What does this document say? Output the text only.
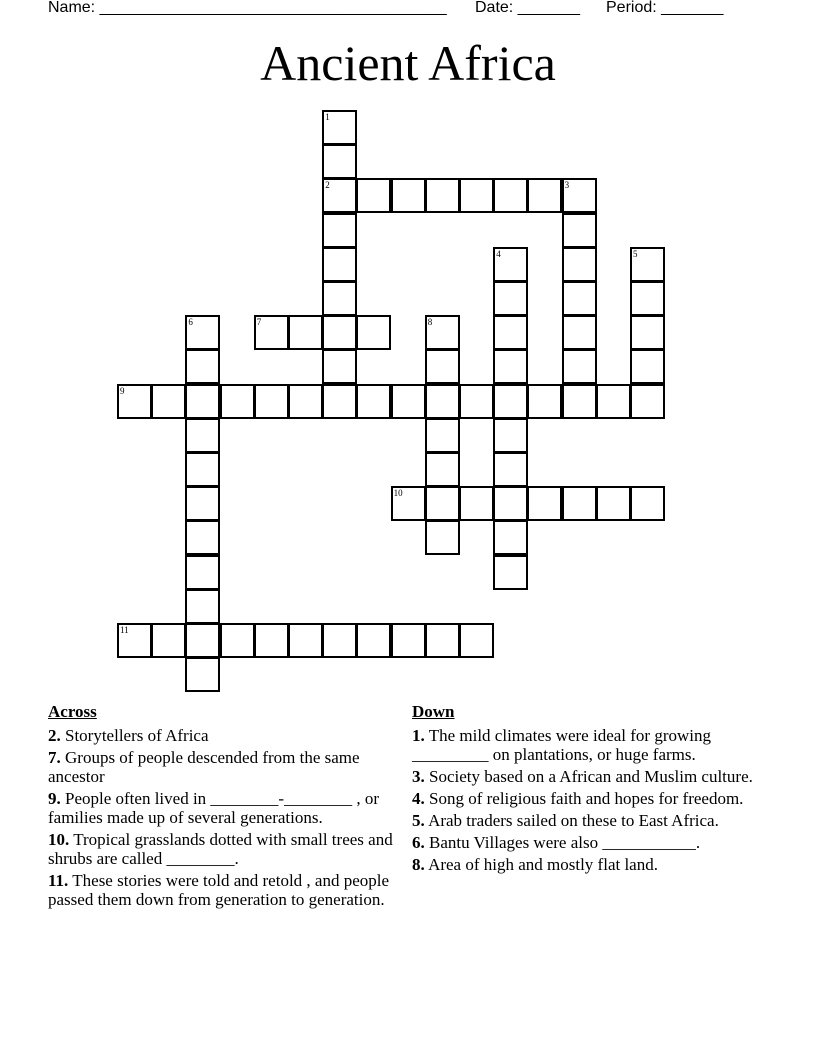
Name: _______________________________________ Date: _______ Period: _______
Ancient Africa
1
2	3
4	5
6	7	8
9
10
11
Across
2. Storytellers of Africa
7. Groups of people descended from the same ancestor
9. People often lived in ________-________ , or families made up of several generations.
10. Tropical grasslands dotted with small trees and shrubs are called ________.
11. These stories were told and retold , and people passed them down from generation to generation.
Down
1. The mild climates were ideal for growing _________ on plantations, or huge farms.
3. Society based on a African and Muslim culture.
4. Song of religious faith and hopes for freedom.
5. Arab traders sailed on these to East Africa.
6. Bantu Villages were also ___________.
8. Area of high and mostly flat land.
